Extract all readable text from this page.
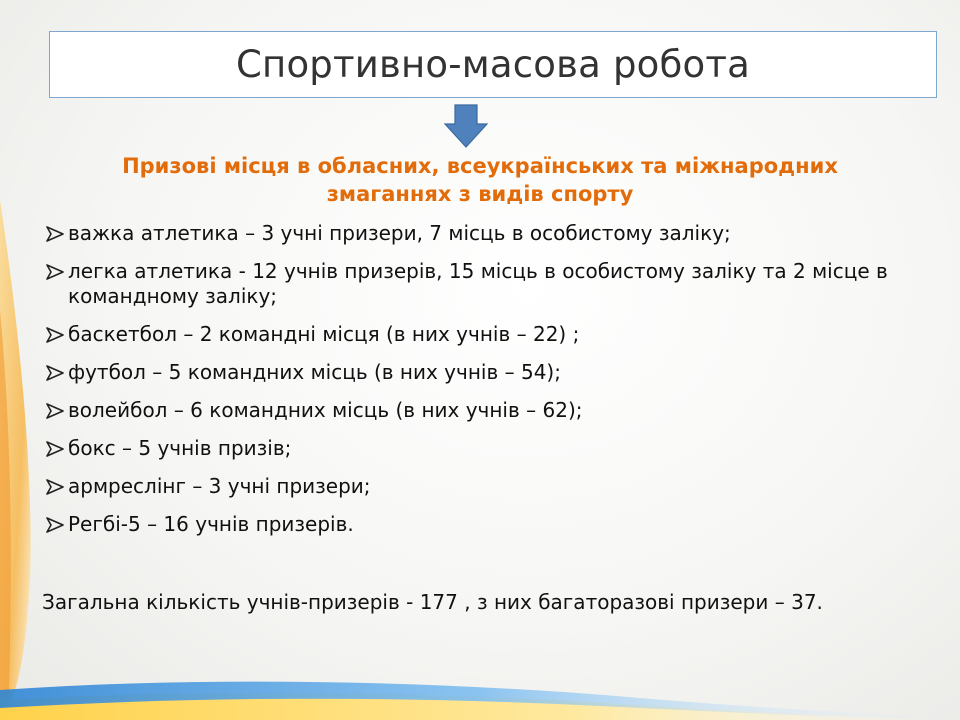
Спортивно-масова робота
Призові місця в обласних, всеукраїнських та міжнародних змаганнях з видів спорту
важка атлетика – 3 учні призери, 7 місць в особистому заліку;
легка атлетика - 12 учнів призерів, 15 місць в особистому заліку та 2 місце в командному заліку;
баскетбол – 2 командні місця (в них учнів – 22) ;
футбол – 5 командних місць (в них учнів – 54);
волейбол – 6 командних місць (в них учнів – 62);
бокс – 5 учнів призів;
армреслінг – 3 учні призери;
Регбі-5 – 16 учнів призерів.
Загальна кількість учнів-призерів - 177 , з них багаторазові призери – 37.
